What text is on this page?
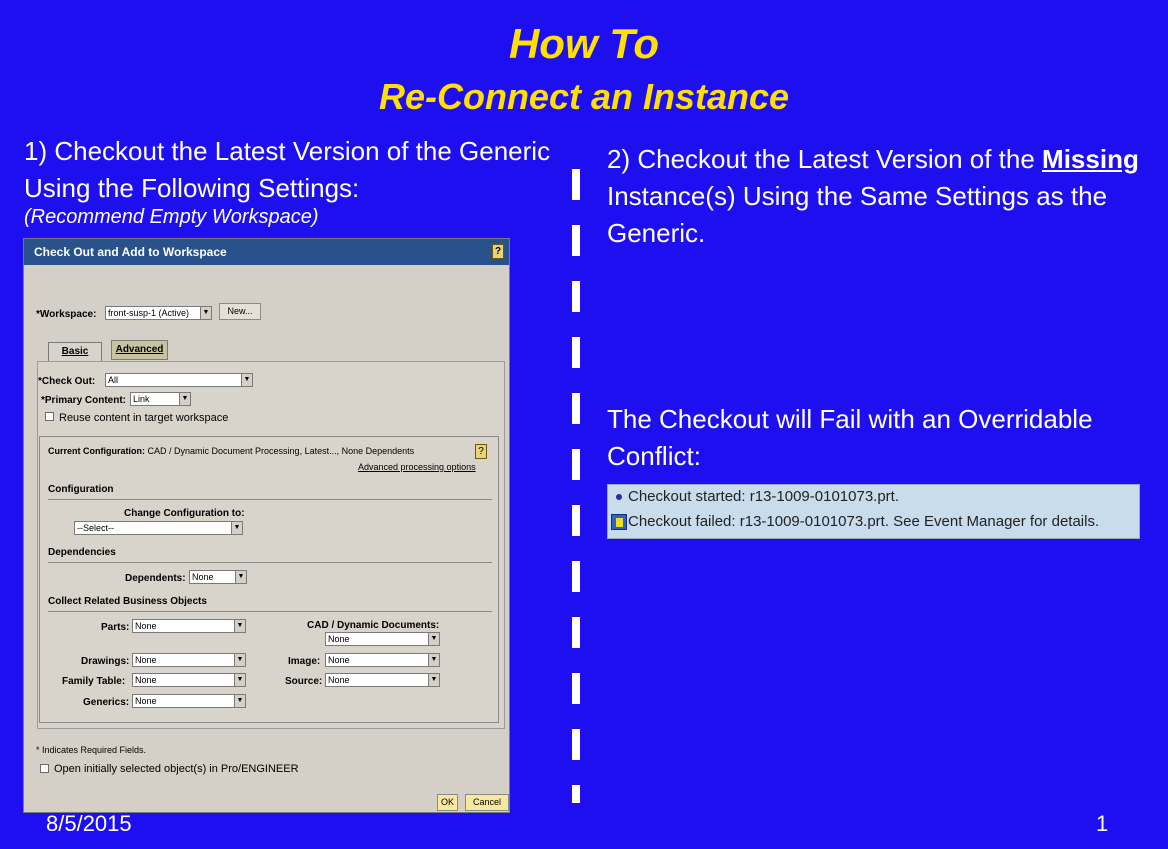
How To
Re-Connect an Instance
1) Checkout the Latest Version of the Generic Using the Following Settings:
(Recommend Empty Workspace)
2) Checkout the Latest Version of the Missing Instance(s) Using the Same Settings as the Generic.
The Checkout will Fail with an Overridable Conflict:
Check Out and Add to Workspace	?
*Workspace:	front-susp-1 (Active)	▼	New...
Basic	Advanced
*Check Out:	All	▼
*Primary Content: Link	▼
Reuse content in target workspace
Current Configuration: CAD / Dynamic Document Processing, Latest..., None Dependents	?
Advanced processing options
Configuration
Change Configuration to:
--Select--	▼
Dependencies
Dependents: None	▼
Collect Related Business Objects
Parts: None	▼	CAD / Dynamic Documents:
None	▼
Drawings: None	▼	Image: None	▼
Family Table:	None	▼	Source: None	▼
Generics: None	▼
* Indicates Required Fields.
Open initially selected object(s) in Pro/ENGINEER
OK	Cancel
Checkout started: r13-1009-0101073.prt.
Checkout failed: r13-1009-0101073.prt. See Event Manager for details.
8/5/2015	1
